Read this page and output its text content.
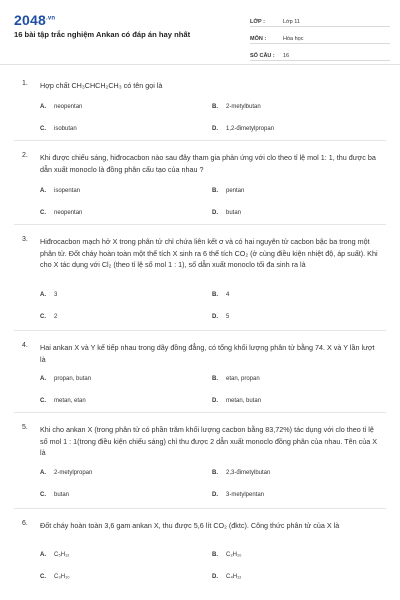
$2048^{.vn}$
16 bài tập trắc nghiệm Ankan có đáp án hay nhất
LỚP :	Lớp 11
MÔN :	Hóa học
SỐ CÂU :	16
1. Hợp chất CH₃CHCH₂CH₃ có tên gọi là
A. neopentan	B. 2-metylbutan
C. isobutan	D. 1,2-đimetylpropan
2. Khi được chiếu sáng, hiđrocacbon nào sau đây tham gia phản ứng với clo theo tỉ lệ mol 1: 1, thu được ba dẫn xuất monoclo là đồng phân cấu tạo của nhau ?
A. isopentan	B. pentan
C. neopentan	D. butan
3. Hiđrocacbon mạch hở X trong phân tử chỉ chứa liên kết σ và có hai nguyên tử cacbon bậc ba trong một phân tử. Đốt cháy hoàn toàn một thể tích X sinh ra 6 thể tích CO₂ (ở cùng điều kiện nhiệt độ, áp suất). Khi cho X tác dụng với Cl₂ (theo tỉ lệ số mol 1 : 1), số dẫn xuất monoclo tối đa sinh ra là
A. 3	B. 4
C. 2	D. 5
4. Hai ankan X và Y kế tiếp nhau trong dãy đồng đẳng, có tổng khối lượng phân tử bằng 74. X và Y lần lượt là
A. propan, butan	B. etan, propan
C. metan, etan	D. metan, butan
5. Khi cho ankan X (trong phân tử có phần trăm khối lượng cacbon bằng 83,72%) tác dụng với clo theo tỉ lệ số mol 1 : 1(trong điều kiện chiếu sáng) chỉ thu được 2 dẫn xuất monoclo đồng phân của nhau. Tên của X là
A. 2-metylpropan	B. 2,3-đimetylbutan
C. butan	D. 3-metylpentan
6. Đốt cháy hoàn toàn 3,6 gam ankan X, thu được 5,6 lít CO₂ (đktc). Công thức phân tử của X là
A. C₅H₁₂	B. C₂H₁₀
C. C₃H₁₀	D. C₄H₁₂
